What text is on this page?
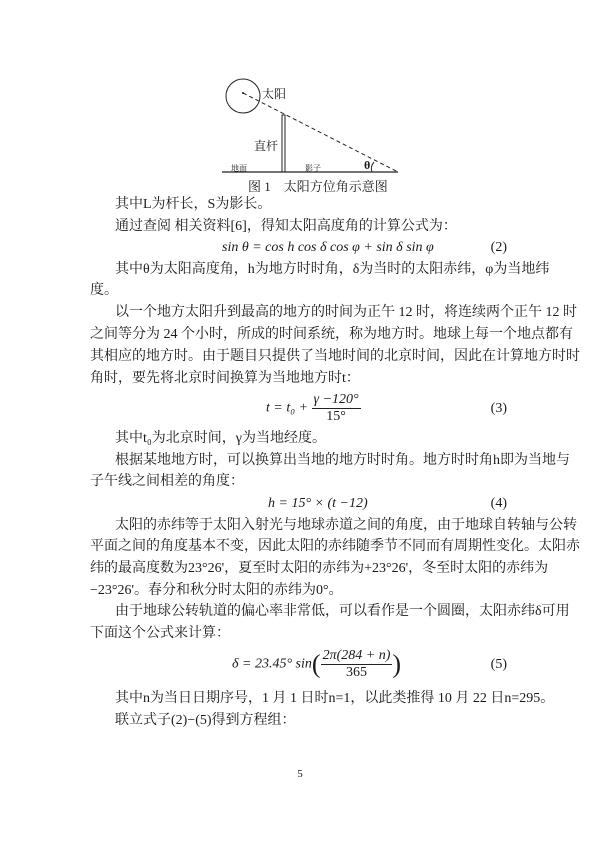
太阳
直杆
地面	影子	θ
图 1　太阳方位角示意图
其中L为杆长，S为影长。
通过查阅 相关资料[6]，得知太阳高度角的计算公式为：
sin θ = cos h cos δ cos φ + sin δ sin φ	(2)
其中θ为太阳高度角，h为地方时时角，δ为当时的太阳赤纬，φ为当地纬
度。
以一个地方太阳升到最高的地方的时间为正午 12 时，将连续两个正午 12 时
之间等分为 24 个小时，所成的时间系统，称为地方时。地球上每一个地点都有
其相应的地方时。由于题目只提供了当地时间的北京时间，因此在计算地方时时
角时，要先将北京时间换算为当地地方时t：
$t = t_0 + \frac{\gamma -120^\circ}{15^\circ}$	(3)
其中t₀为北京时间，γ为当地经度。
根据某地地方时，可以换算出当地的地方时时角。地方时时角h即为当地与
子午线之间相差的角度：
h = 15° × (t −12)	(4)
太阳的赤纬等于太阳入射光与地球赤道之间的角度，由于地球自转轴与公转
平面之间的角度基本不变，因此太阳的赤纬随季节不同而有周期性变化。太阳赤
纬的最高度数为23°26'，夏至时太阳的赤纬为+23°26'，冬至时太阳的赤纬为
−23°26'。春分和秋分时太阳的赤纬为0°。
由于地球公转轨道的偏心率非常低，可以看作是一个圆圈，太阳赤纬δ可用
下面这个公式来计算：
δ = 23.45° $\sin( \frac{2\pi(284 + n)}{365}$ )	(5)
其中n为当日日期序号，1 月 1 日时n=1，以此类推得 10 月 22 日n=295。
联立式子(2)−(5)得到方程组：
5
